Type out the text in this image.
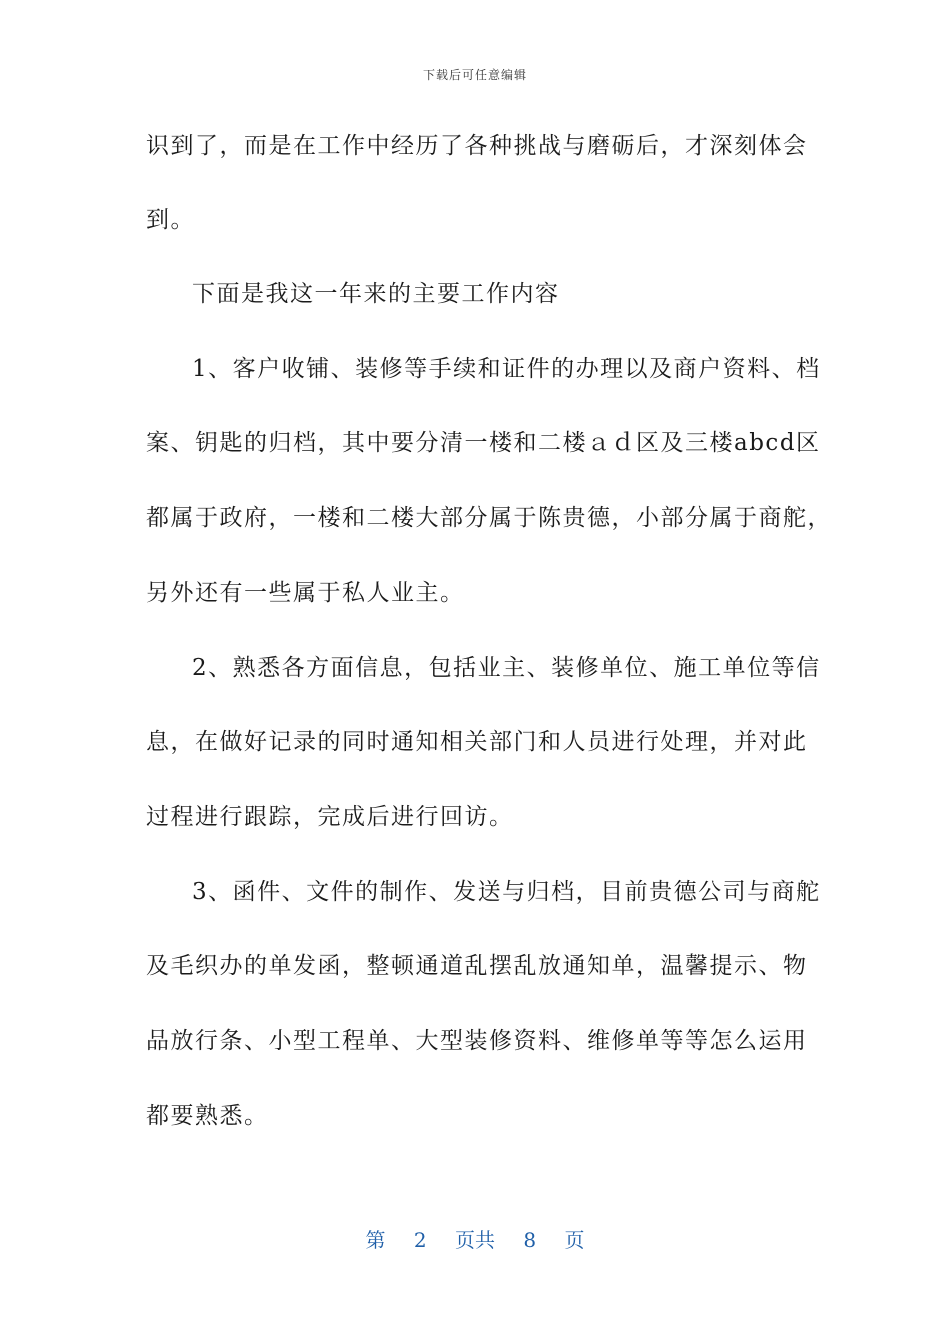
下载后可任意编辑
识到了，而是在工作中经历了各种挑战与磨砺后，才深刻体会
到。
下面是我这一年来的主要工作内容
1、客户收铺、装修等手续和证件的办理以及商户资料、档
案、钥匙的归档，其中要分清一楼和二楼ａｄ区及三楼abcd区
都属于政府，一楼和二楼大部分属于陈贵德，小部分属于商舵，
另外还有一些属于私人业主。
2、熟悉各方面信息，包括业主、装修单位、施工单位等信
息，在做好记录的同时通知相关部门和人员进行处理，并对此
过程进行跟踪，完成后进行回访。
3、函件、文件的制作、发送与归档，目前贵德公司与商舵
及毛织办的单发函，整顿通道乱摆乱放通知单，温馨提示、物
品放行条、小型工程单、大型装修资料、维修单等等怎么运用
都要熟悉。
第 2 页共 8 页
